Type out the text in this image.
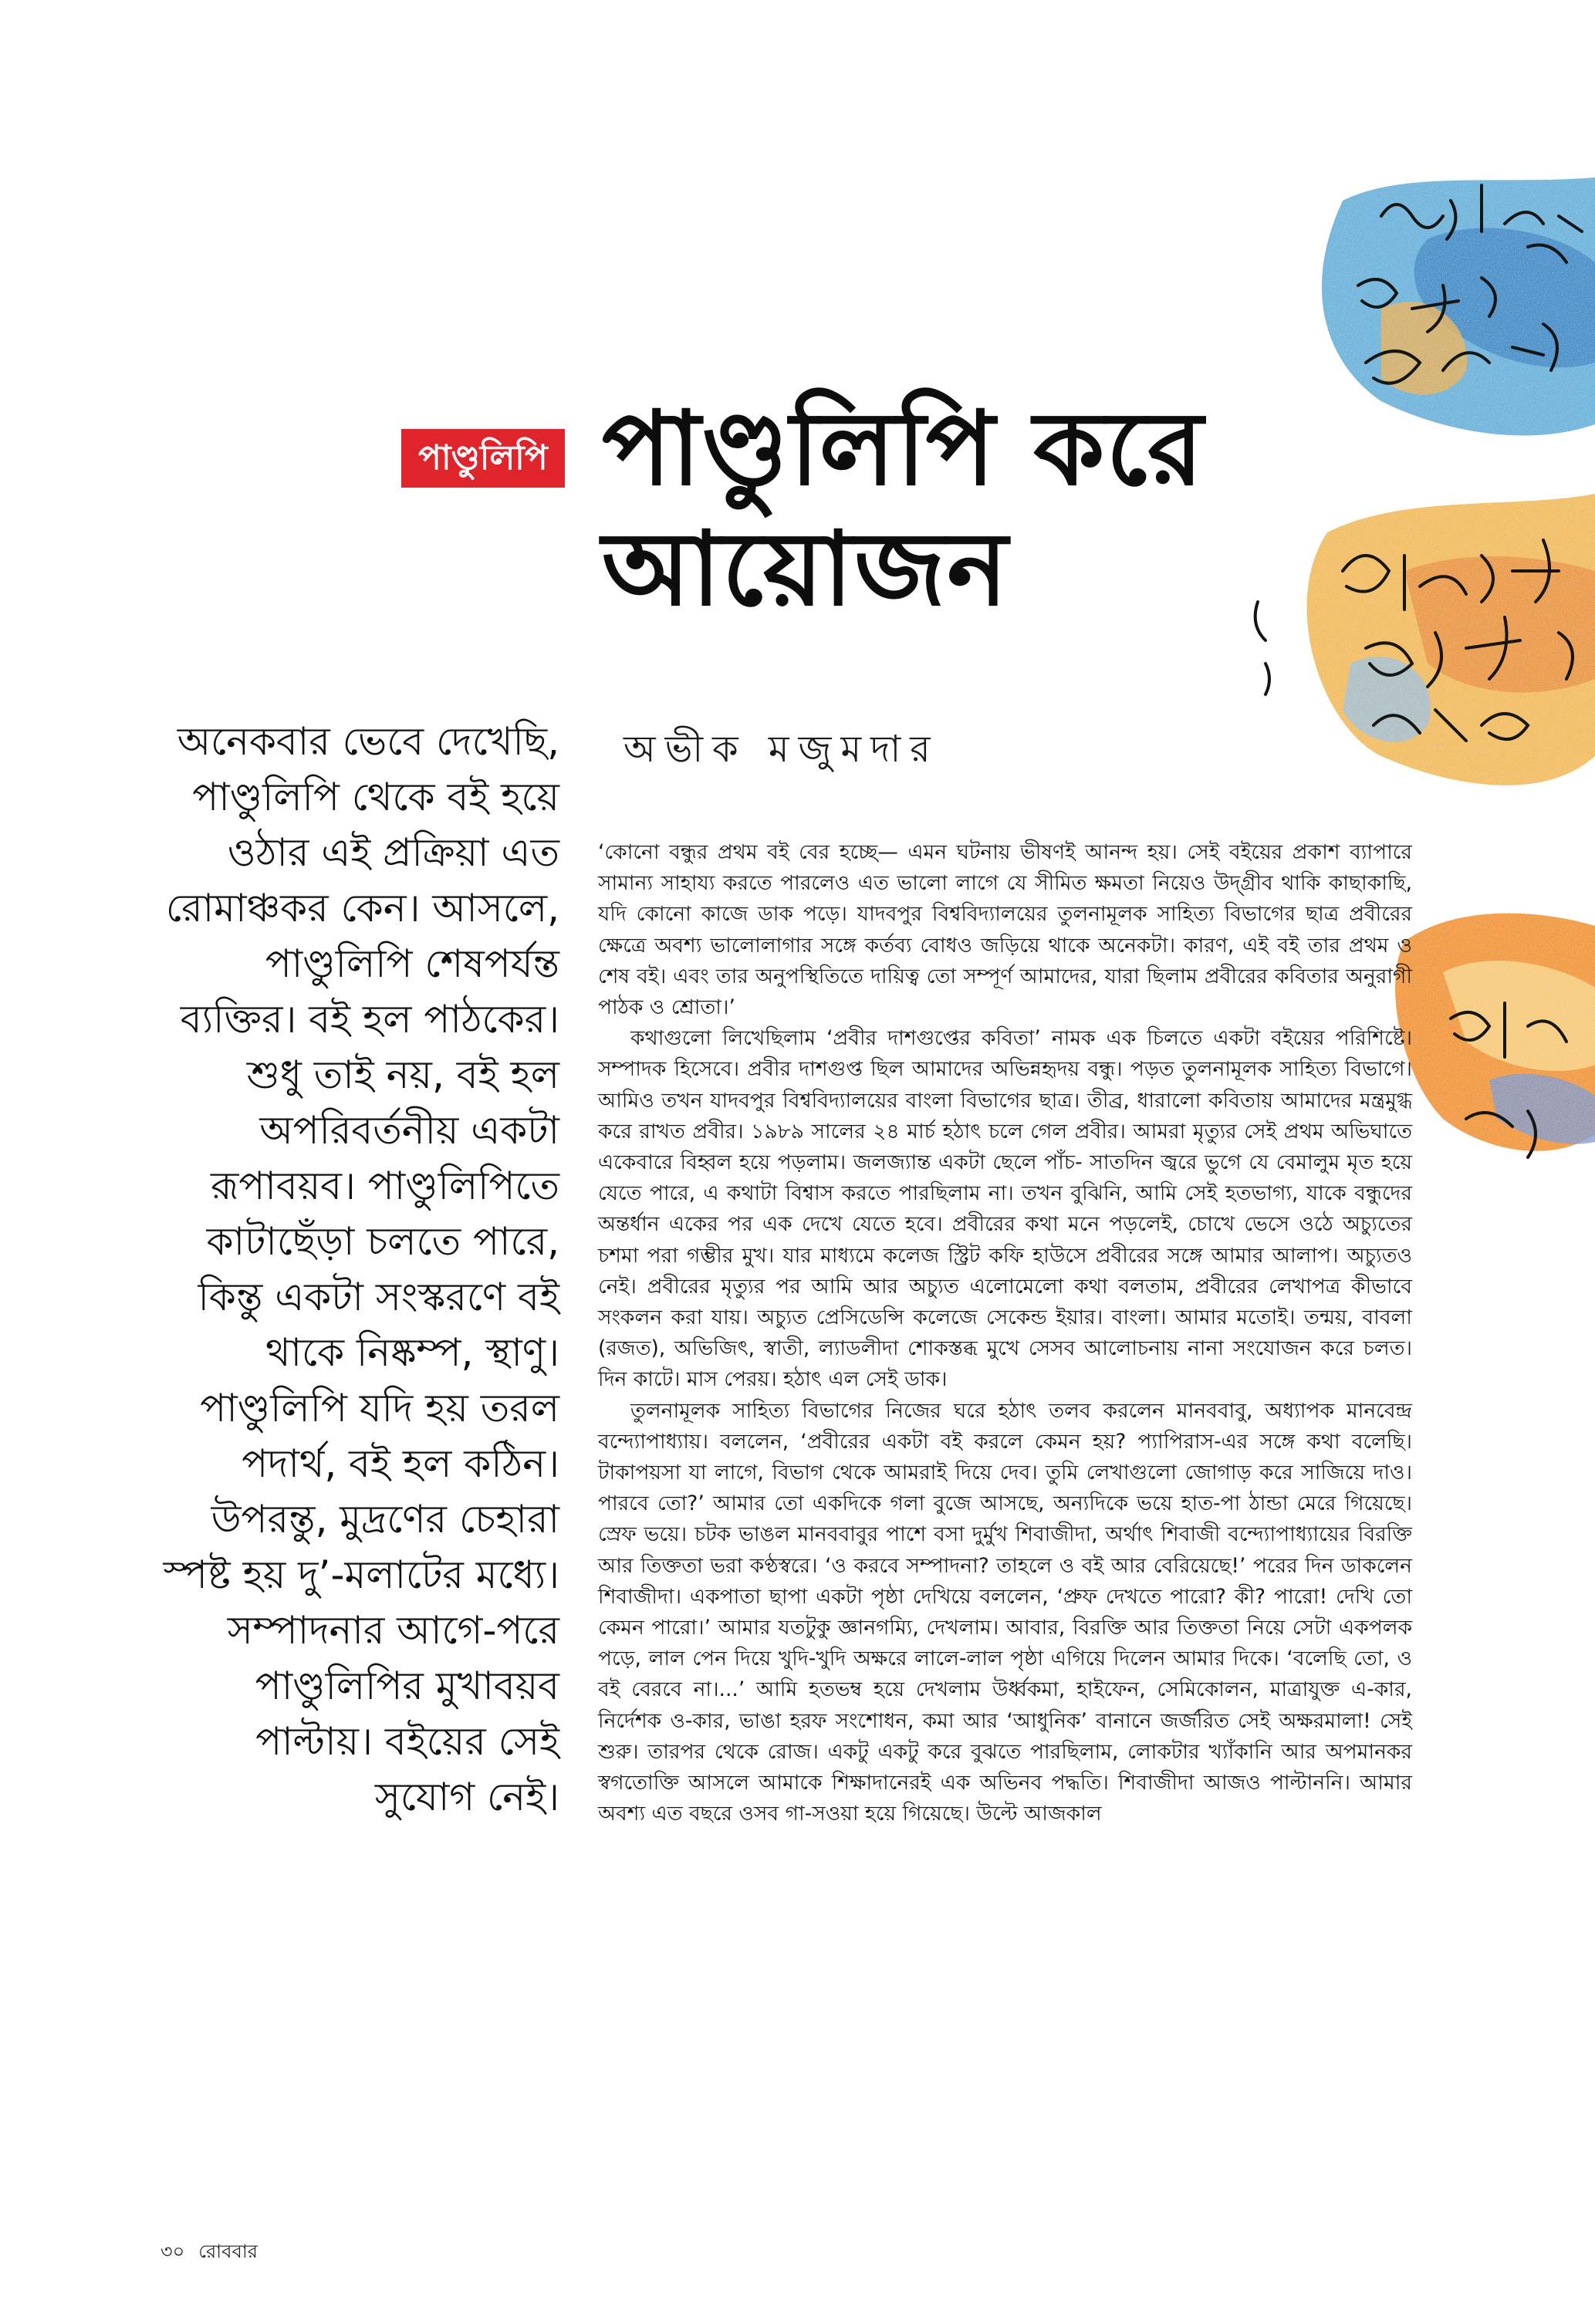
পাণ্ডুলিপি পাণ্ডুলিপি করে
আয়োজন
অভীক মজুমদার

অনেকবার ভেবে দেখেছি, পাণ্ডুলিপি থেকে বই হয়ে ওঠার এই প্রক্রিয়া এত রোমাঞ্চকর কেন। আসলে, পাণ্ডুলিপি শেষপর্যন্ত ব্যক্তির। বই হল পাঠকের। শুধু তাই নয়, বই হল অপরিবর্তনীয় একটা রূপাবয়ব। পাণ্ডুলিপিতে কাটাছেঁড়া চলতে পারে, কিন্তু একটা সংস্করণে বই থাকে নিষ্কম্প, স্থাণু। পাণ্ডুলিপি যদি হয় তরল পদার্থ, বই হল কঠিন। উপরন্তু, মুদ্রণের চেহারা স্পষ্ট হয় দু’-মলাটের মধ্যে। সম্পাদনার আগে-পরে পাণ্ডুলিপির মুখাবয়ব পাল্টায়। বইয়ের সেই সুযোগ নেই।

‘কোনো বন্ধুর প্রথম বই বের হচ্ছে— এমন ঘটনায় ভীষণই আনন্দ হয়। সেই বইয়ের প্রকাশ ব্যাপারে সামান্য সাহায্য করতে পারলেও এত ভালো লাগে যে সীমিত ক্ষমতা নিয়েও উদ্গ্রীব থাকি কাছাকাছি, যদি কোনো কাজে ডাক পড়ে। যাদবপুর বিশ্ববিদ্যালয়ের তুলনামূলক সাহিত্য বিভাগের ছাত্র প্রবীরের ক্ষেত্রে অবশ্য ভালোলাগার সঙ্গে কর্তব্য বোধও জড়িয়ে থাকে অনেকটা। কারণ, এই বই তার প্রথম ও শেষ বই। এবং তার অনুপস্থিতিতে দায়িত্ব তো সম্পূর্ণ আমাদের, যারা ছিলাম প্রবীরের কবিতার অনুরাগী পাঠক ও শ্রোতা।’

কথাগুলো লিখেছিলাম ‘প্রবীর দাশগুপ্তের কবিতা’ নামক এক চিলতে একটা বইয়ের পরিশিষ্টে। সম্পাদক হিসেবে। প্রবীর দাশগুপ্ত ছিল আমাদের অভিন্নহৃদয় বন্ধু। পড়ত তুলনামূলক সাহিত্য বিভাগে। আমিও তখন যাদবপুর বিশ্ববিদ্যালয়ের বাংলা বিভাগের ছাত্র। তীব্র, ধারালো কবিতায় আমাদের মন্ত্রমুগ্ধ করে রাখত প্রবীর। ১৯৮৯ সালের ২৪ মার্চ হঠাৎ চলে গেল প্রবীর। আমরা মৃত্যুর সেই প্রথম অভিঘাতে একেবারে বিহ্বল হয়ে পড়লাম। জলজ্যান্ত একটা ছেলে পাঁচ- সাতদিন জ্বরে ভুগে যে বেমালুম মৃত হয়ে যেতে পারে, এ কথাটা বিশ্বাস করতে পারছিলাম না। তখন বুঝিনি, আমি সেই হতভাগ্য, যাকে বন্ধুদের অন্তর্ধান একের পর এক দেখে যেতে হবে। প্রবীরের কথা মনে পড়লেই, চোখে ভেসে ওঠে অচ্যুতের চশমা পরা গম্ভীর মুখ। যার মাধ্যমে কলেজ স্ট্রিট কফি হাউসে প্রবীরের সঙ্গে আমার আলাপ। অচ্যুতও নেই। প্রবীরের মৃত্যুর পর আমি আর অচ্যুত এলোমেলো কথা বলতাম, প্রবীরের লেখাপত্র কীভাবে সংকলন করা যায়। অচ্যুত প্রেসিডেন্সি কলেজে সেকেন্ড ইয়ার। বাংলা। আমার মতোই। তন্ময়, বাবলা (রজত), অভিজিৎ, স্বাতী, ল্যাডলীদা শোকস্তব্ধ মুখে সেসব আলোচনায় নানা সংযোজন করে চলত। দিন কাটে। মাস পেরয়। হঠাৎ এল সেই ডাক।

তুলনামূলক সাহিত্য বিভাগের নিজের ঘরে হঠাৎ তলব করলেন মানববাবু, অধ্যাপক মানবেন্দ্র বন্দ্যোপাধ্যায়। বললেন, ‘প্রবীরের একটা বই করলে কেমন হয়? প্যাপিরাস-এর সঙ্গে কথা বলেছি। টাকাপয়সা যা লাগে, বিভাগ থেকে আমরাই দিয়ে দেব। তুমি লেখাগুলো জোগাড় করে সাজিয়ে দাও। পারবে তো?’ আমার তো একদিকে গলা বুজে আসছে, অন্যদিকে ভয়ে হাত-পা ঠান্ডা মেরে গিয়েছে। স্রেফ ভয়ে। চটক ভাঙল মানববাবুর পাশে বসা দুর্মুখ শিবাজীদা, অর্থাৎ শিবাজী বন্দ্যোপাধ্যায়ের বিরক্তি আর তিক্ততা ভরা কণ্ঠস্বরে। ‘ও করবে সম্পাদনা? তাহলে ও বই আর বেরিয়েছে!’ পরের দিন ডাকলেন শিবাজীদা। একপাতা ছাপা একটা পৃষ্ঠা দেখিয়ে বললেন, ‘প্রুফ দেখতে পারো? কী? পারো! দেখি তো কেমন পারো।’ আমার যতটুকু জ্ঞানগম্যি, দেখলাম। আবার, বিরক্তি আর তিক্ততা নিয়ে সেটা একপলক পড়ে, লাল পেন দিয়ে খুদি-খুদি অক্ষরে লালে-লাল পৃষ্ঠা এগিয়ে দিলেন আমার দিকে। ‘বলেছি তো, ও বই বেরবে না।...’ আমি হতভম্ব হয়ে দেখলাম উর্ধ্বকমা, হাইফেন, সেমিকোলন, মাত্রাযুক্ত এ-কার, নির্দেশক ও-কার, ভাঙা হরফ সংশোধন, কমা আর ‘আধুনিক’ বানানে জর্জরিত সেই অক্ষরমালা! সেই শুরু। তারপর থেকে রোজ। একটু একটু করে বুঝতে পারছিলাম, লোকটার খ্যাঁকানি আর অপমানকর স্বগতোক্তি আসলে আমাকে শিক্ষাদানেরই এক অভিনব পদ্ধতি। শিবাজীদা আজও পাল্টাননি। আমার অবশ্য এত বছরে ওসব গা-সওয়া হয়ে গিয়েছে। উল্টে আজকাল

৩০ রোববার
